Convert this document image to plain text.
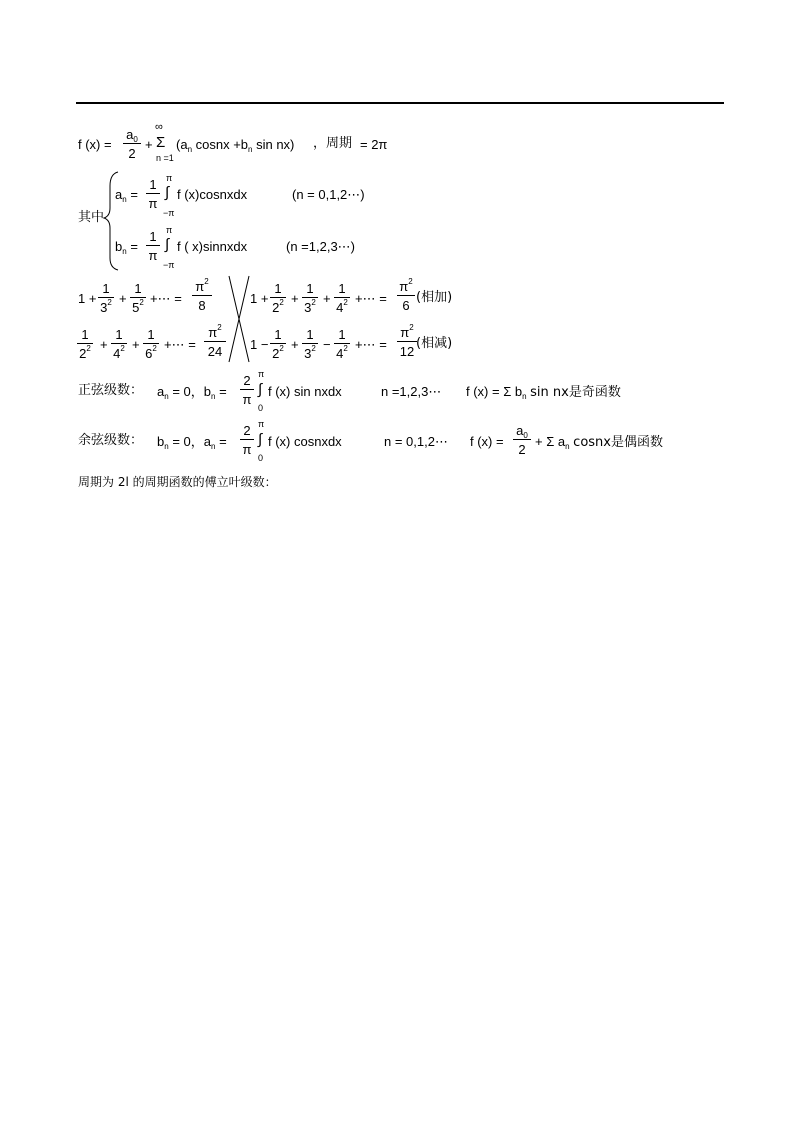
f (x) =
$a_0$
2
+
∞
Σ
n =1
($a_n$ cosnx $+b_n$ sin nx) ，周期 = 2π
其中
$a_n$ =
1
π
π
∫
−π
f (x)cosnxdx	(n = 0,1,2⋯)
$b_n$ =
1
π
π
∫
−π
f ( x)sinnxdx	(n =1,2,3⋯)
1 +
1
$3^2$ +
1
$5^2$ +⋯ =
$\pi^2$
8	1 +
1
$2^2$ +
1
$3^2$ +
1
$4^2$ +⋯ =
$\pi^2$
6
(相加)
1
$2^2$ +
1
$4^2$ +
1
$6^2$ +⋯ =
$\pi^2$
24 1 −
1
$2^2$ +
1
$3^2$ −
1
$4^2$ +⋯ =
$\pi^2$
12
(相减)
正弦级数： $a_n = 0$，$b_n$ =
2
π
π
∫
0
f (x) sin nxdx	n =1,2,3⋯ f (x) = Σ $b_n$ sin nx是奇函数
余弦级数： $b_n = 0$，$a_n$ =
2
π
π
∫
0
f (x) cosnxdx	n = 0,1,2⋯ f (x) =
$a_0$
2
+ Σ $a_n$ cosnx是偶函数
周期为 2l 的周期函数的傅立叶级数：
